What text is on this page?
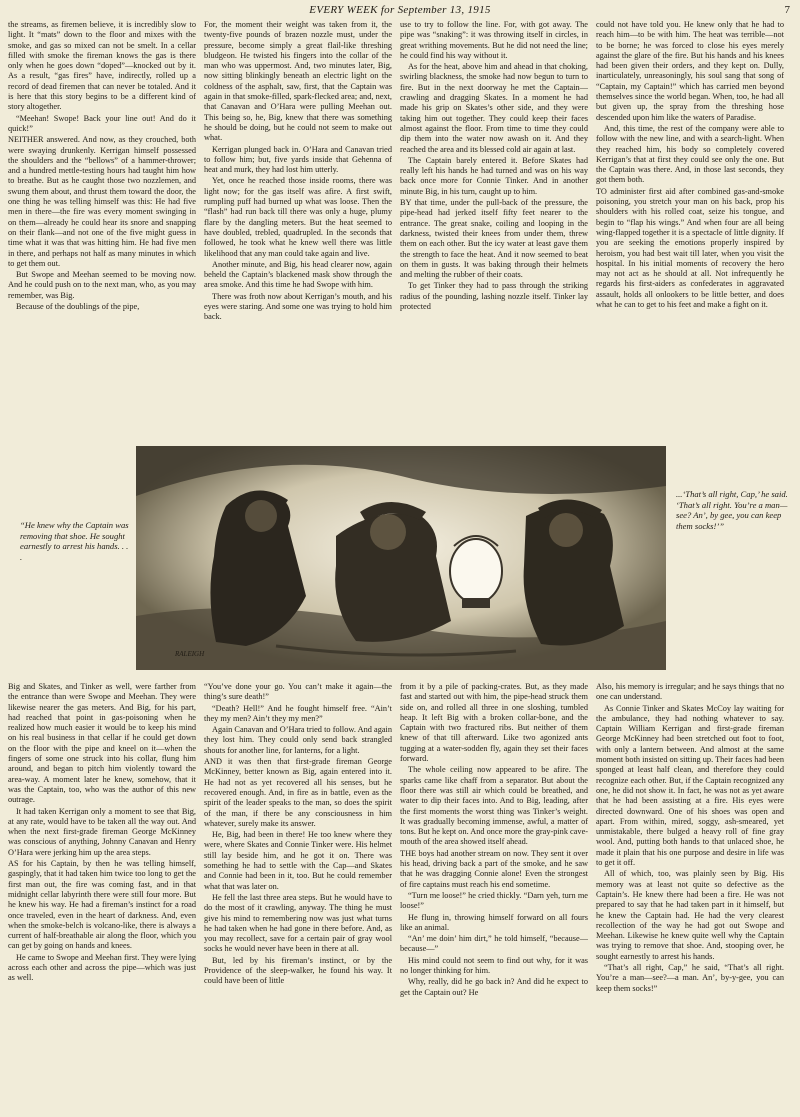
EVERY WEEK for September 13, 1915	7

the streams, as firemen believe, it is incredibly slow to light. It “mats” down to the floor and mixes with the smoke, and gas so mixed can not be smelt. In a cellar filled with smoke the fireman knows the gas is there only when he goes down “doped”—knocked out by it. As a result, “gas fires” have, indirectly, rolled up a record of dead firemen that can never be totaled. And it is here that this story begins to be a different kind of story altogether.

“Meehan! Swope! Back your line out! And do it quick!”

NEITHER answered. And now, as they crouched, both were swaying drunkenly. Kerrigan himself possessed the shoulders and the “bellows” of a hammer-thrower; and a hundred mettle-testing hours had taught him how to breathe. But as he caught those two nozzlemen, and swung them about, and thrust them toward the door, the one thing he was telling himself was this: He had five men in there—the fire was every moment swinging in on them—already he could hear its snore and snapping on their flank—and not one of the five might guess in time what it was that was hitting him. He had five men in there, and perhaps not half as many minutes in which to get them out.

But Swope and Meehan seemed to be moving now. And he could push on to the next man, who, as you may remember, was Big.

Because of the doublings of the pipe,

For, the moment their weight was taken from it, the twenty-five pounds of brazen nozzle must, under the pressure, become simply a great flail-like threshing bludgeon. He twisted his fingers into the collar of the man who was uppermost. And, two minutes later, Big, now sitting blinkingly beneath an electric light on the coldness of the asphalt, saw, first, that the Captain was again in that smoke-filled, spark-flecked area; and, next, that Canavan and O’Hara were pulling Meehan out. This being so, he, Big, knew that there was something he should be doing, but he could not seem to make out what.

Kerrigan plunged back in. O’Hara and Canavan tried to follow him; but, five yards inside that Gehenna of heat and murk, they had lost him utterly.

Yet, once he reached those inside rooms, there was light now; for the gas itself was afire. A first swift, rumpling puff had burned up what was loose. Then the “flash” had run back till there was only a huge, plumy flare by the dangling meters. But the heat seemed to have doubled, trebled, quadrupled. In the seconds that followed, he took what he knew well there was little likelihood that any man could take again and live.

Another minute, and Big, his head clearer now, again beheld the Captain’s blackened mask show through the area smoke. And this time he had Swope with him.

There was froth now about Kerrigan’s mouth, and his eyes were staring. And some one was trying to hold him back.

use to try to follow the line. For, with got away. The pipe was “snaking”: it was throwing itself in circles, in great writhing movements. But he did not need the line; he could find his way without it.

As for the heat, above him and ahead in that choking, swirling blackness, the smoke had now begun to turn to fire. But in the next doorway he met the Captain—crawling and dragging Skates. In a moment he had made his grip on Skates’s other side, and they were taking him out together. They could keep their faces almost against the floor. From time to time they could dip them into the water now awash on it. And they reached the area and its blessed cold air again at last.

The Captain barely entered it. Before Skates had really left his hands he had turned and was on his way back once more for Connie Tinker. And in another minute Big, in his turn, caught up to him.

BY that time, under the pull-back of the pressure, the pipe-head had jerked itself fifty feet nearer to the entrance. The great snake, coiling and looping in the darkness, twisted their knees from under them, threw them on each other. But the icy water at least gave them the strength to face the heat. And it now seemed to beat on them in gusts. It was baking through their helmets and melting the rubber of their coats.

To get Tinker they had to pass through the striking radius of the pounding, lashing nozzle itself. Tinker lay protected

could not have told you. He knew only that he had to reach him—to be with him. The heat was terrible—not to be borne; he was forced to close his eyes merely against the glare of the fire. But his hands and his knees had been given their orders, and they kept on. Dully, inarticulately, unreasoningly, his soul sang that song of “Captain, my Captain!” which has carried men beyond themselves since the world began. When, too, he had all but given up, the spray from the threshing hose descended upon him like the waters of Paradise.

And, this time, the rest of the company were able to follow with the new line, and with a search-light. When they reached him, his body so completely covered Kerrigan’s that at first they could see only the one. But the Captain was there. And, in those last seconds, they got them both.

TO administer first aid after combined gas-and-smoke poisoning, you stretch your man on his back, prop his shoulders with his rolled coat, seize his tongue, and begin to “flap his wings.” And when four are all being wing-flapped together it is a spectacle of little dignity. If you are seeking the emotions properly inspired by heroism, you had best wait till later, when you visit the hospital. In his initial moments of recovery the hero may not act as he should at all. Not infrequently he regards his first-aiders as confederates in aggravated assault, holds all onlookers to be little better, and does what he can to get to his feet and make a fight on it.

“He knew why the Captain was removing that shoe. He sought earnestly to arrest his hands. . . .
RALEIGH
...‘That’s all right, Cap,’ he said. ‘That’s all right. You’re a man—see? An’, by gee, you can keep them socks!’”

Big and Skates, and Tinker as well, were farther from the entrance than were Swope and Meehan. They were likewise nearer the gas meters. And Big, for his part, had reached that point in gas-poisoning when he realized how much easier it would be to keep his mind on his real business in that cellar if he could get down on the floor with the pipe and kneel on it—when the fingers of some one struck into his collar, flung him around, and began to pitch him violently toward the area-way. A moment later he knew, somehow, that it was the Captain, too, who was the author of this new outrage.

It had taken Kerrigan only a moment to see that Big, at any rate, would have to be taken all the way out. And when the next first-grade fireman George McKinney was conscious of anything, Johnny Canavan and Henry O’Hara were jerking him up the area steps.

AS for his Captain, by then he was telling himself, gaspingly, that it had taken him twice too long to get the first man out, the fire was coming fast, and in that midnight cellar labyrinth there were still four more. But he knew his way. He had a fireman’s instinct for a road once traveled, even in the heart of darkness. And, even when the smoke-belch is volcano-like, there is always a current of half-breathable air along the floor, which you can get by going on hands and knees.

He came to Swope and Meehan first. They were lying across each other and across the pipe—which was just as well.

“You’ve done your go. You can’t make it again—the thing’s sure death!”

“Death? Hell!” And he fought himself free. “Ain’t they my men? Ain’t they my men?”

Again Canavan and O’Hara tried to follow. And again they lost him. They could only send back strangled shouts for another line, for lanterns, for a light.

AND it was then that first-grade fireman George McKinney, better known as Big, again entered into it. He had not as yet recovered all his senses, but he recovered enough. And, in fire as in battle, even as the spirit of the leader speaks to the man, so does the spirit of the man, if there be any consciousness in him whatever, surely make its answer.

He, Big, had been in there! He too knew where they were, where Skates and Connie Tinker were. His helmet still lay beside him, and he got it on. There was something he had to settle with the Cap—and Skates and Connie had been in it, too. But he could remember what that was later on.

He fell the last three area steps. But he would have to do the most of it crawling, anyway. The thing he must give his mind to remembering now was just what turns he had taken when he had gone in there before. And, as you may recollect, save for a certain pair of gray wool socks he would never have been in there at all.

But, led by his fireman’s instinct, or by the Providence of the sleep-walker, he found his way. It could have been of little

from it by a pile of packing-crates. But, as they made fast and started out with him, the pipe-head struck them side on, and rolled all three in one sloshing, tumbled heap. It left Big with a broken collar-bone, and the Captain with two fractured ribs. But neither of them knew of that till afterward. Like two agonized ants tugging at a water-sodden fly, again they set their faces forward.

The whole ceiling now appeared to be afire. The sparks came like chaff from a separator. But about the floor there was still air which could be breathed, and water to dip their faces into. And to Big, leading, after the first moments the worst thing was Tinker’s weight. It was gradually becoming immense, awful, a matter of tons. But he kept on. And once more the gray-pink cave-mouth of the area showed itself ahead.

THE boys had another stream on now. They sent it over his head, driving back a part of the smoke, and he saw that he was dragging Connie alone! Even the strongest of fire captains must reach his end sometime.

“Turn me loose!” he cried thickly. “Darn yeh, turn me loose!”

He flung in, throwing himself forward on all fours like an animal.

“An’ me doin’ him dirt,” he told himself, “because—because—”

His mind could not seem to find out why, for it was no longer thinking for him.

Why, really, did he go back in? And did he expect to get the Captain out? He

Also, his memory is irregular; and he says things that no one can understand.

As Connie Tinker and Skates McCoy lay waiting for the ambulance, they had nothing whatever to say. Captain William Kerrigan and first-grade fireman George McKinney had been stretched out foot to foot, with only a lantern between. And almost at the same moment both insisted on sitting up. Their faces had been sponged at least half clean, and therefore they could recognize each other. But, if the Captain recognized any one, he did not show it. In fact, he was not as yet aware that he had been assisting at a fire. His eyes were directed downward. One of his shoes was open and apart. From within, mired, soggy, ash-smeared, yet unmistakable, there bulged a heavy roll of fine gray wool. And, putting both hands to that unlaced shoe, he made it plain that his one purpose and desire in life was to get it off.

All of which, too, was plainly seen by Big. His memory was at least not quite so defective as the Captain’s. He knew there had been a fire. He was not prepared to say that he had taken part in it himself, but he knew the Captain had. He had the very clearest recollection of the way he had got out Swope and Meehan. Likewise he knew quite well why the Captain was trying to remove that shoe. And, stooping over, he sought earnestly to arrest his hands.

“That’s all right, Cap,” he said, “That’s all right. You’re a man—see?—a man. An’, by-y-gee, you can keep them socks!”
